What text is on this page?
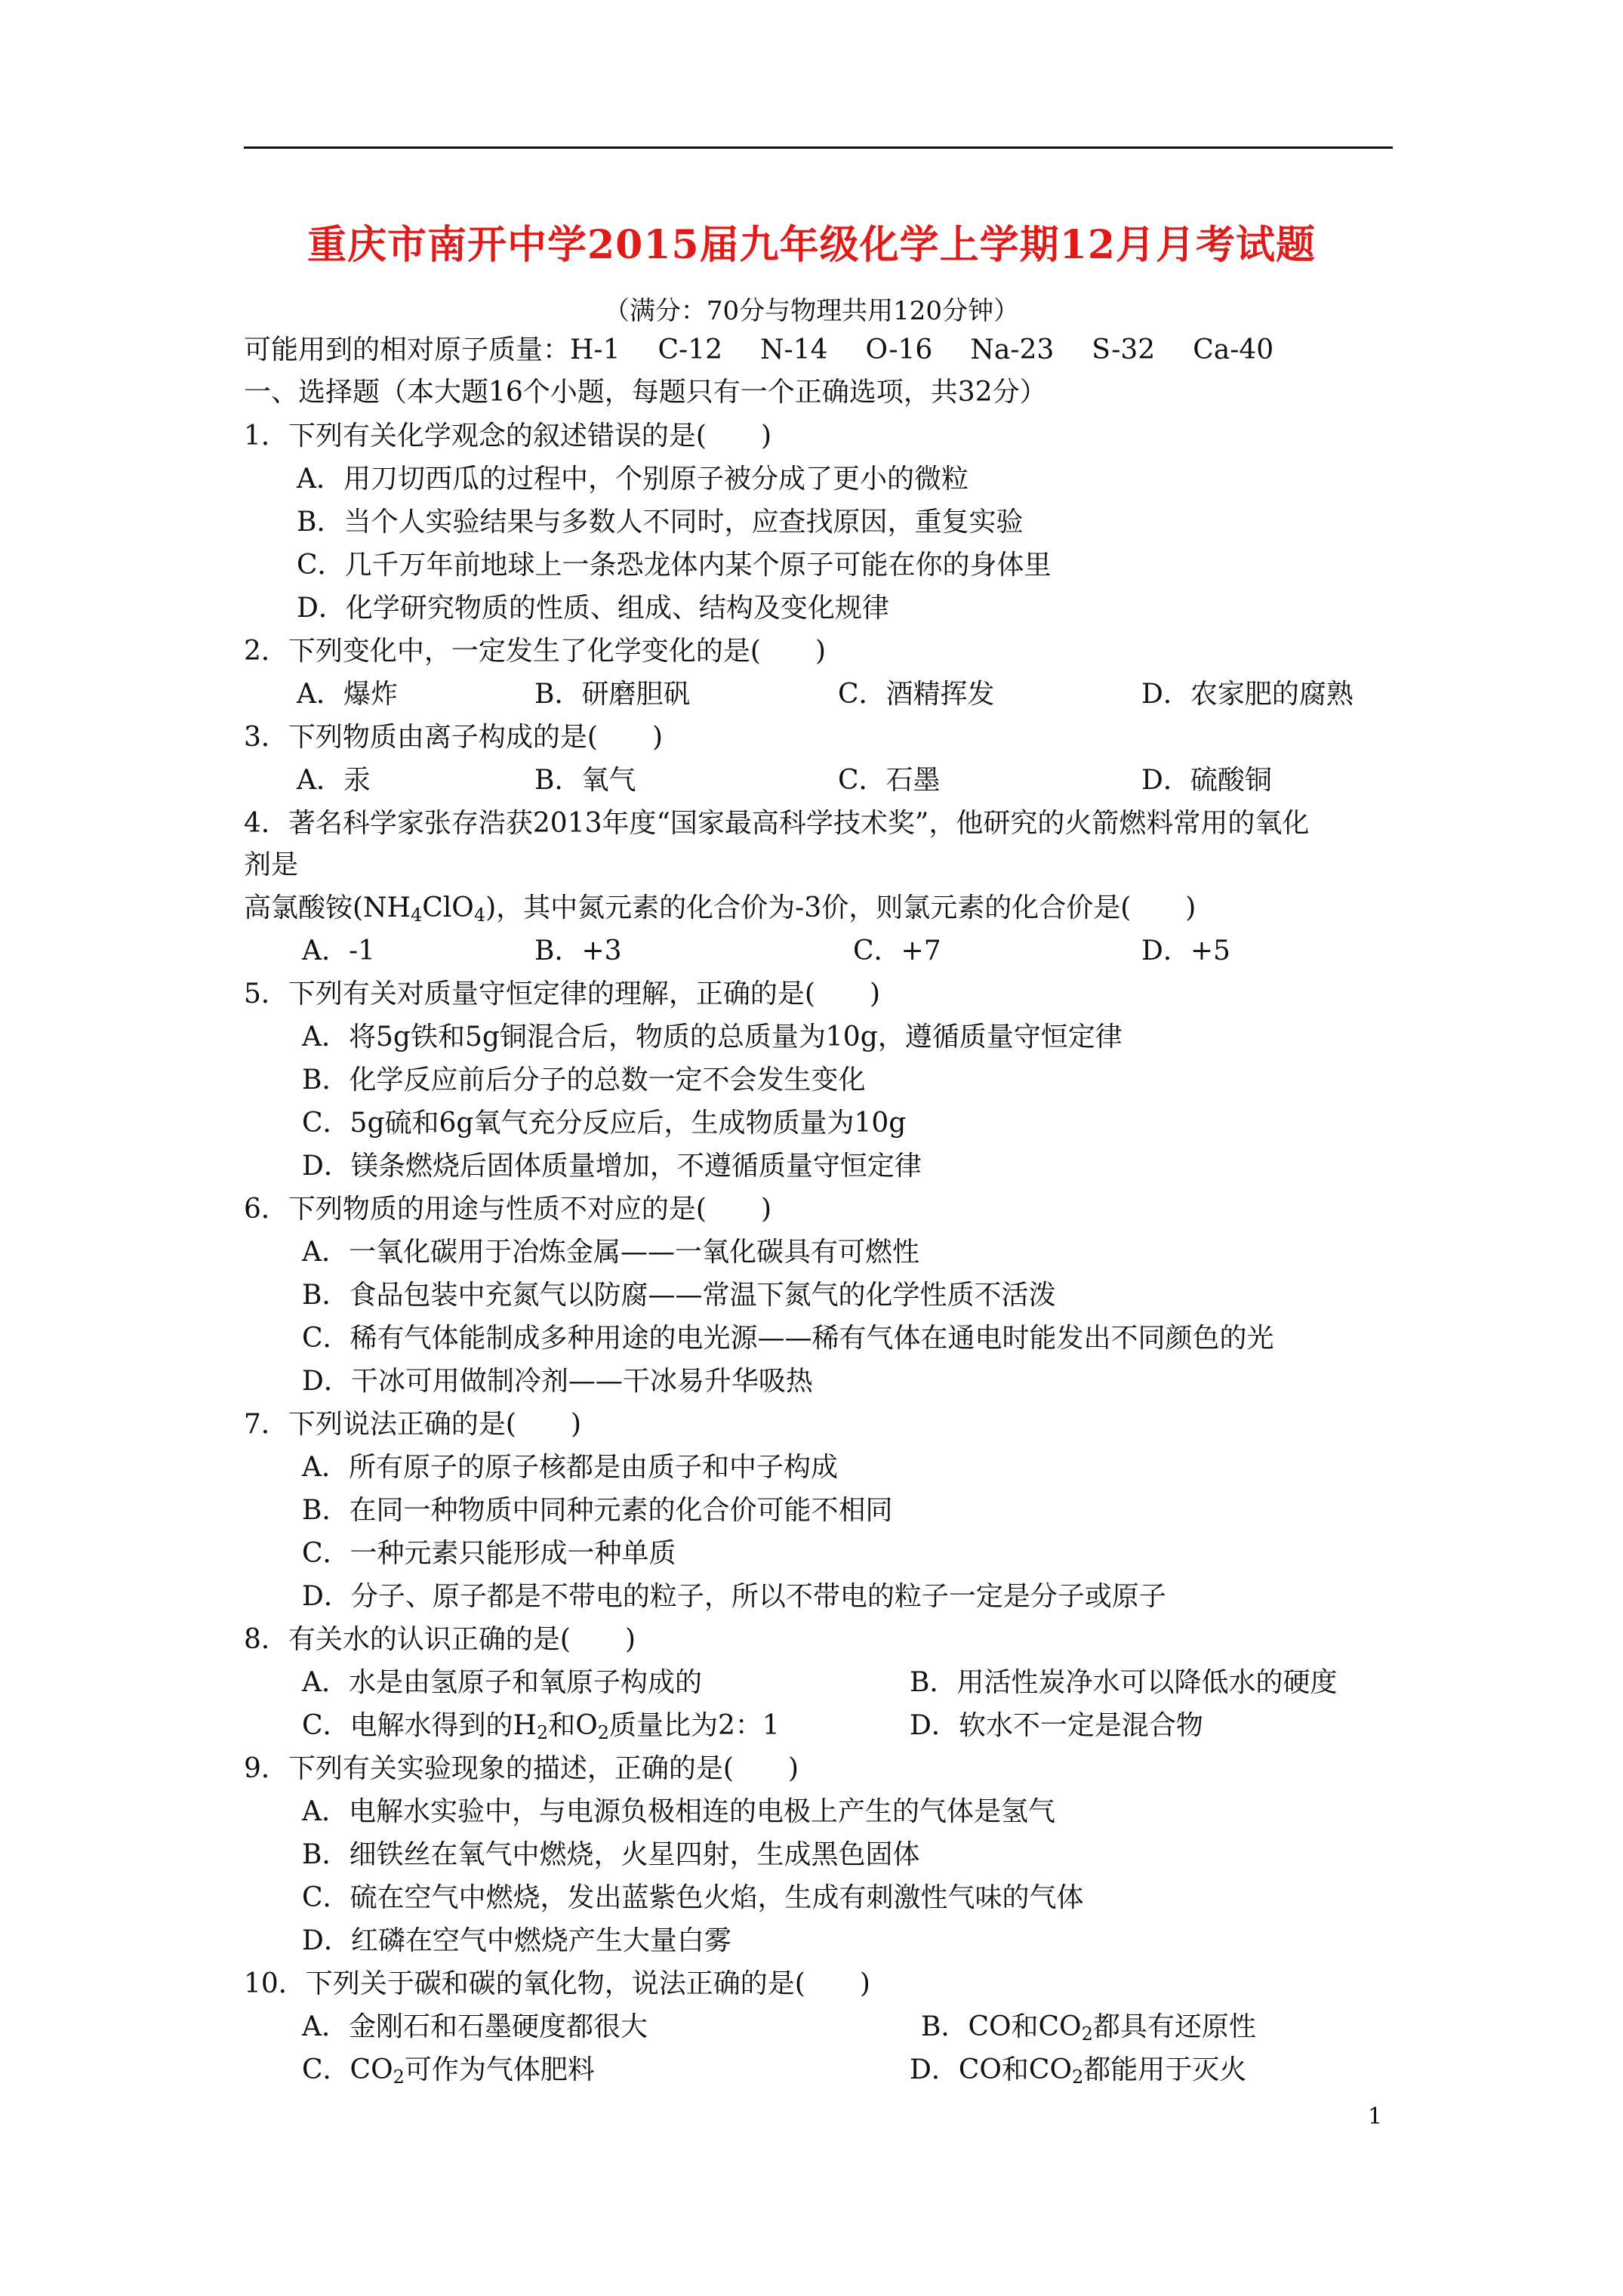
重庆市南开中学2015届九年级化学上学期12月月考试题
（满分：70分与物理共用120分钟）
可能用到的相对原子质量：H-1 C-12 N-14 O-16 Na-23 S-32 Ca-40
一、选择题（本大题16个小题，每题只有一个正确选项，共32分）
1．下列有关化学观念的叙述错误的是(　　)
A．用刀切西瓜的过程中，个别原子被分成了更小的微粒
B．当个人实验结果与多数人不同时，应查找原因，重复实验
C．几千万年前地球上一条恐龙体内某个原子可能在你的身体里
D．化学研究物质的性质、组成、结构及变化规律
2．下列变化中，一定发生了化学变化的是(　　)
A．爆炸	B．研磨胆矾	C．酒精挥发	D．农家肥的腐熟
3．下列物质由离子构成的是(　　)
A．汞	B．氧气	C．石墨	D．硫酸铜
4．著名科学家张存浩获2013年度“国家最高科学技术奖”，他研究的火箭燃料常用的氧化
剂是
高氯酸铵$(NH_4ClO_4)$，其中氮元素的化合价为-3价，则氯元素的化合价是(　　)
A．-1	B．+3	C．+7	D．+5
5．下列有关对质量守恒定律的理解，正确的是(　　)
A．将5g铁和5g铜混合后，物质的总质量为10g，遵循质量守恒定律
B．化学反应前后分子的总数一定不会发生变化
C．5g硫和6g氧气充分反应后，生成物质量为10g
D．镁条燃烧后固体质量增加，不遵循质量守恒定律
6．下列物质的用途与性质不对应的是(　　)
A．一氧化碳用于冶炼金属——一氧化碳具有可燃性
B．食品包装中充氮气以防腐——常温下氮气的化学性质不活泼
C．稀有气体能制成多种用途的电光源——稀有气体在通电时能发出不同颜色的光
D．干冰可用做制冷剂——干冰易升华吸热
7．下列说法正确的是(　　)
A．所有原子的原子核都是由质子和中子构成
B．在同一种物质中同种元素的化合价可能不相同
C．一种元素只能形成一种单质
D．分子、原子都是不带电的粒子，所以不带电的粒子一定是分子或原子
8．有关水的认识正确的是(　　)
A．水是由氢原子和氧原子构成的	B．用活性炭净水可以降低水的硬度
C．电解水得到的$H_2$和$O_2$质量比为2：1	D．软水不一定是混合物
9．下列有关实验现象的描述，正确的是(　　)
A．电解水实验中，与电源负极相连的电极上产生的气体是氢气
B．细铁丝在氧气中燃烧，火星四射，生成黑色固体
C．硫在空气中燃烧，发出蓝紫色火焰，生成有刺激性气味的气体
D．红磷在空气中燃烧产生大量白雾
10．下列关于碳和碳的氧化物，说法正确的是(　　)
A．金刚石和石墨硬度都很大	B．CO和$CO_2$都具有还原性
C．$CO_2$可作为气体肥料	D．CO和$CO_2$都能用于灭火
1
